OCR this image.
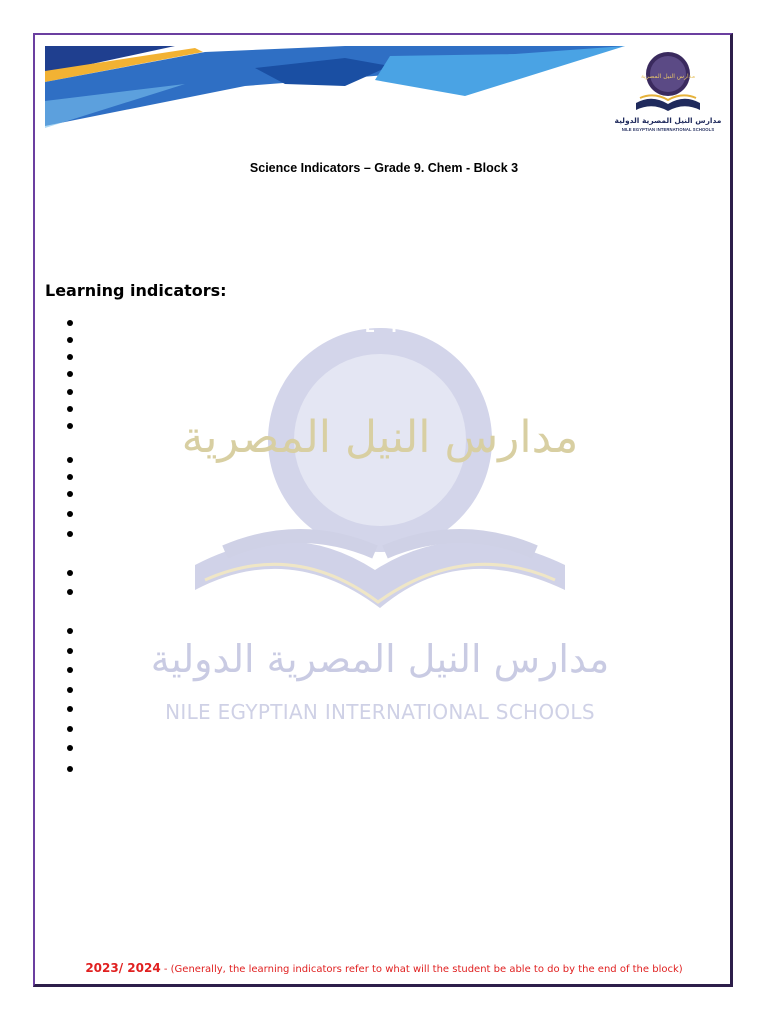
مدارس النيل المصرية
مدارس النيل المصرية الدولية
NILE EGYPTIAN INTERNATIONAL SCHOOLS
Science Indicators – Grade 9. Chem - Block 3
N · E · I · S
مدارس النيل المصرية
مدارس النيل المصرية الدولية
NILE EGYPTIAN INTERNATIONAL SCHOOLS
Learning indicators:
2023/ 2024 - (Generally, the learning indicators refer to what will the student be able to do by the end of the block)
